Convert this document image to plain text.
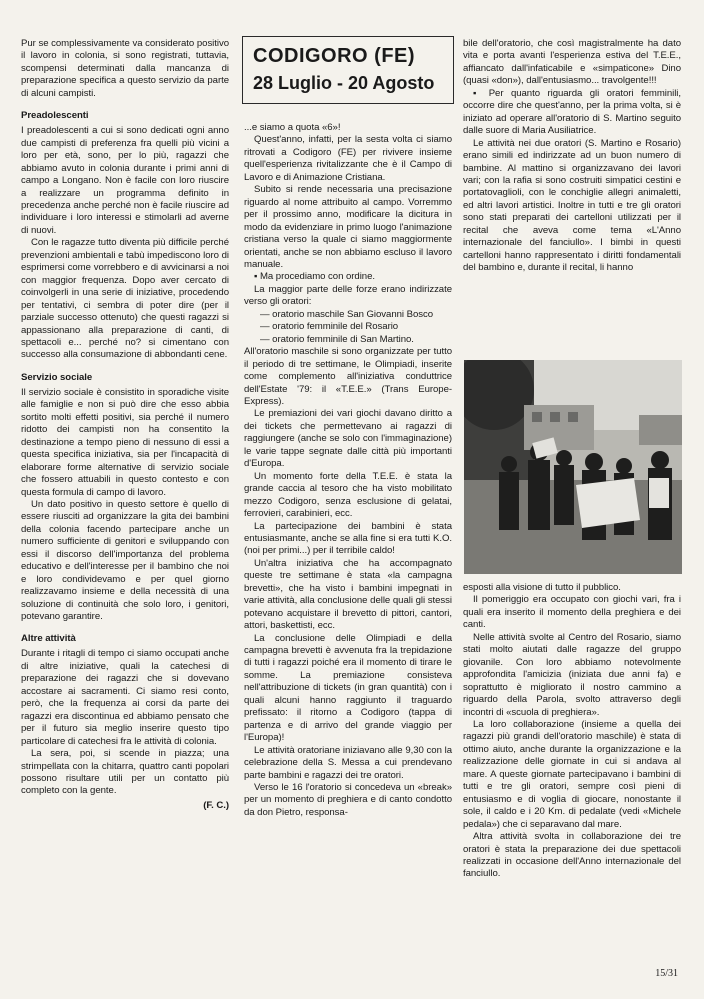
CODIGORO (FE)
28 Luglio - 20 Agosto

Pur se complessivamente va considerato positivo il lavoro in colonia, si sono registrati, tuttavia, scompensi determinati dalla mancanza di preparazione specifica a questo servizio da parte di alcuni campisti.

Preadolescenti

I preadolescenti a cui si sono dedicati ogni anno due campisti di preferenza fra quelli più vicini a loro per età, sono, per lo più, ragazzi che abbiamo avuto in colonia durante i primi anni di campo a Longano. Non è facile con loro riuscire a realizzare un programma definito in precedenza anche perché non è facile riuscire ad individuare i loro interessi e stimolarli ad averne di nuovi.

Con le ragazze tutto diventa più difficile perché prevenzioni ambientali e tabù impediscono loro di esprimersi come vorrebbero e di avvicinarsi a noi con maggior frequenza. Dopo aver cercato di coinvolgerli in una serie di iniziative, procedendo per tentativi, ci sembra di poter dire (per il parziale successo ottenuto) che questi ragazzi si appassionano alla preparazione di canti, di spettacoli e... perché no? si cimentano con successo alla consumazione di abbondanti cene.

Servizio sociale

Il servizio sociale è consistito in sporadiche visite alle famiglie e non si può dire che esso abbia sortito molti effetti positivi, sia perché il numero ridotto dei campisti non ha consentito la destinazione a tempo pieno di nessuno di essi a questa specifica iniziativa, sia per l'incapacità di elaborare forme alternative di servizio sociale che fossero attuabili in questo contesto e con questa formula di campo di lavoro.

Un dato positivo in questo settore è quello di essere riusciti ad organizzare la gita dei bambini della colonia facendo partecipare anche un numero sufficiente di genitori e sviluppando con essi il discorso dell'importanza del problema educativo e dell'interesse per il bambino che noi e loro condividevamo e per quel giorno realizzavamo insieme e della necessità di una soluzione di continuità che solo loro, i genitori, potevano garantire.

Altre attività

Durante i ritagli di tempo ci siamo occupati anche di altre iniziative, quali la catechesi di preparazione dei ragazzi che si dovevano accostare ai sacramenti. Ci siamo resi conto, però, che la frequenza ai corsi da parte dei ragazzi era discontinua ed abbiamo pensato che per il futuro sia meglio inserire questo tipo particolare di catechesi fra le attività di colonia.

La sera, poi, si scende in piazza; una strimpellata con la chitarra, quattro canti popolari possono risultare utili per un contatto più completo con la gente.

(F. C.)

...e siamo a quota «6»!

Quest'anno, infatti, per la sesta volta ci siamo ritrovati a Codigoro (FE) per rivivere insieme quell'esperienza rivitalizzante che è il Campo di Lavoro e di Animazione Cristiana.

Subito si rende necessaria una precisazione riguardo al nome attribuito al campo. Vorremmo per il prossimo anno, modificare la dicitura in modo da evidenziare in primo luogo l'animazione cristiana verso la quale ci siamo maggiormente orientati, anche se non abbiamo escluso il lavoro manuale.

▪ Ma procediamo con ordine.

La maggior parte delle forze erano indirizzate verso gli oratori:

— oratorio maschile San Giovanni Bosco
— oratorio femminile del Rosario
— oratorio femminile di San Martino.

All'oratorio maschile si sono organizzate per tutto il periodo di tre settimane, le Olimpiadi, inserite come complemento all'iniziativa conduttrice dell'Estate '79: il «T.E.E.» (Trans Europe-Express).

Le premiazioni dei vari giochi davano diritto a dei tickets che permettevano ai ragazzi di raggiungere (anche se solo con l'immaginazione) le varie tappe segnate dalle città più importanti d'Europa.

Un momento forte della T.E.E. è stata la grande caccia al tesoro che ha visto mobilitato mezzo Codigoro, senza esclusione di gelatai, ferrovieri, carabinieri, ecc.

La partecipazione dei bambini è stata entusiasmante, anche se alla fine si era tutti K.O. (noi per primi...) per il terribile caldo!

Un'altra iniziativa che ha accompagnato queste tre settimane è stata «la campagna brevetti», che ha visto i bambini impegnati in varie attività, alla conclusione delle quali gli stessi potevano acquistare il brevetto di pittori, cantori, attori, baskettisti, ecc.

La conclusione delle Olimpiadi e della campagna brevetti è avvenuta fra la trepidazione di tutti i ragazzi poiché era il momento di tirare le somme. La premiazione consisteva nell'attribuzione di tickets (in gran quantità) con i quali alcuni hanno raggiunto il traguardo prefissato: il ritorno a Codigoro (tappa di partenza e di arrivo del grande viaggio per l'Europa)!

Le attività oratoriane iniziavano alle 9,30 con la celebrazione della S. Messa a cui prendevano parte bambini e ragazzi dei tre oratori.

Verso le 16 l'oratorio si concedeva un «break» per un momento di preghiera e di canto condotto da don Pietro, responsa-

bile dell'oratorio, che così magistralmente ha dato vita e porta avanti l'esperienza estiva del T.E.E., affiancato dall'infaticabile e «simpaticone» Dino (quasi «don»), dall'entusiasmo... travolgente!!!

▪ Per quanto riguarda gli oratori femminili, occorre dire che quest'anno, per la prima volta, si è iniziato ad operare all'oratorio di S. Martino seguito dalle suore di Maria Ausiliatrice.

Le attività nei due oratori (S. Martino e Rosario) erano simili ed indirizzate ad un buon numero di bambine. Al mattino si organizzavano dei lavori vari; con la rafia si sono costruiti simpatici cestini e portatovaglioli, con le conchiglie allegri animaletti, ed altri lavori artistici. Inoltre in tutti e tre gli oratori sono stati preparati dei cartelloni utilizzati per il recital che aveva come tema «L'Anno internazionale del fanciullo». I bimbi in questi cartelloni hanno rappresentato i diritti fondamentali del bambino e, durante il recital, li hanno

esposti alla visione di tutto il pubblico.

Il pomeriggio era occupato con giochi vari, fra i quali era inserito il momento della preghiera e dei canti.

Nelle attività svolte al Centro del Rosario, siamo stati molto aiutati dalle ragazze del gruppo giovanile. Con loro abbiamo notevolmente approfondita l'amicizia (iniziata due anni fa) e soprattutto è migliorato il nostro cammino a riguardo della Parola, svolto attraverso degli incontri di «scuola di preghiera».

La loro collaborazione (insieme a quella dei ragazzi più grandi dell'oratorio maschile) è stata di ottimo aiuto, anche durante la organizzazione e la realizzazione delle giornate in cui si andava al mare. A queste giornate partecipavano i bambini di tutti e tre gli oratori, sempre così pieni di entusiasmo e di voglia di giocare, nonostante il sole, il caldo e i 20 Km. di pedalate (vedi «Michele pedala») che ci separavano dal mare.

Altra attività svolta in collaborazione dei tre oratori è stata la preparazione dei due spettacoli realizzati in occasione dell'Anno internazionale del fanciullo.

15/31
